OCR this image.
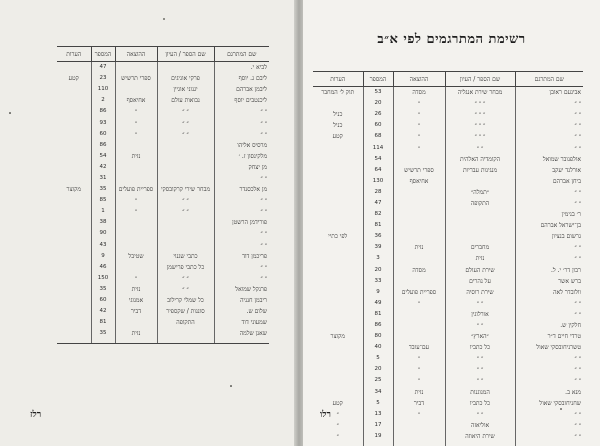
שם המתרגם	שם הספר / העיון	ההוצאה	המספר	הערות
לביא י.			47	
ליבם ג. יוסף	פרקי אוניגים	ספרי תרשיש	23	קטע
ליבמן אברהם	יגנוני אוגיין		110	
ליכנטבים יוסף	נבואות עולם	אחיאסף	2	
״ ״	״ ״	״	86	
״ ״	״ ״	״	93	
״ ״	״ ״	״	60	
מרסיס אליהו			86	
מלקינסון ז. ׳		נזית	54	
מן יצחק			42	
״ ״			31	
מן אלכסנדר	מבחר שירי קרקובסקי	ספריית פועלים	35	מקוצר
״ ״	״ ״	״	85	
״ ״	״ ״	״	1	
פורידמן הרשטן			38	
״ ״			90	
״ ״			43	
פריכמן דוד	כתבי שגנוי	שטיבל	9	
״ ״	כל כתבי פרישמן		46	
״ ״	״ ״	״	150	
פרנקל שמואל	״ ״	נזית	35	
ריבמן חנניה	כל שמלי קרילוב	אמנוגי	60	
שלום ש.	סוננות / שקספיר	דביר	42	
שמעוני דוד	התקופה		81	
שאנן שלמה		נזית	35	

רלז
רשימת המתרגמים לפי א״ב
שם המתרגם	שם הספר / העיון	ההוצאה	המספר	הערות
אבינעם ראובן	מבחר שירת אנגליה	מסדה	53	תוק ל׳ המחבר
״ ״	״ ״ ״	״	20	
״ ״	״ ״ ״	״	26	כניל
״ ״	״ ״ ״	״	60	כניל
״ ״	״ ״ ״	״	68	קטע
״ ״	״ ״	״	114	
אולפנובר שמואל	הקומדיה האלהית		54	
אורלנד יעקב	מנגינות עבריות	ספרי תרשיש	64	
ביחן אברהם		אחיאסף	130	
״ ״	״תמלה״		28	
״ ״	התקופה		47	
ר׳ בנימין			82	
בן־ישראל אברהם			81	
גרשום בנציון			36	לפי כתיי
״ ״	מחברים	נזית	39	
״ ״	נזית		3	
רבון דר׳ י. ל.	שירת העולם	מסדה	20	
ברש אשר	על נהרים		33	
וולובדר לאה	שירת רוסיה	ספריית פועלים	9	
״ ״	״ ״	״	49	
״ ״	אורלוגין		81	
חלקין ש.	״ ״		86	
טרדי חיים ד״ר	״הארץ״		80	מקוצר
טשרניחובסקי שאול	כל כתביו	עם־עובד	40	
״ ״	״ ״	״	5	
״ ״	״ ״	״	20	
״ ״	״ ״	״	25	
מנא ב.	המנוגנות	נזית	34	
שחניחובסקי שאול	כל כתביו	דביר	5	קטע
״ ״	״ ״	״	13	״
״ ״	אוליאזה		17	״
״ ״	שירת היאוזה		19	״

רלו
